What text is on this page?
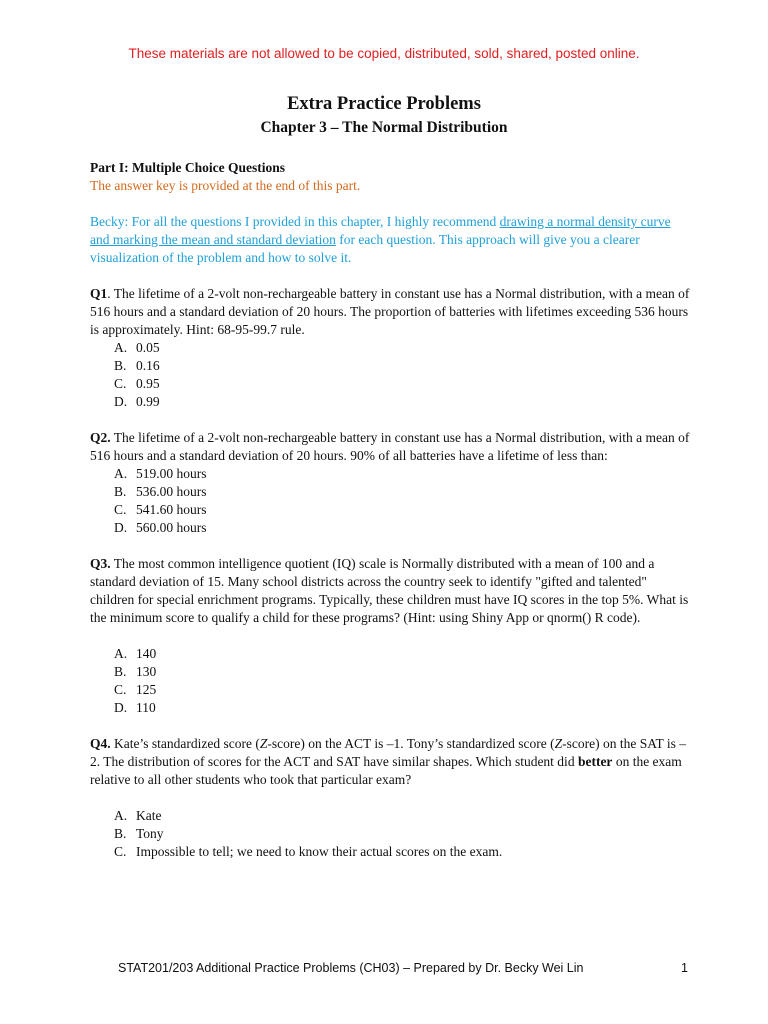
These materials are not allowed to be copied, distributed, sold, shared, posted online.
Extra Practice Problems
Chapter 3 – The Normal Distribution

Part I: Multiple Choice Questions

The answer key is provided at the end of this part.

Becky: For all the questions I provided in this chapter, I highly recommend drawing a normal density curve and marking the mean and standard deviation for each question. This approach will give you a clearer visualization of the problem and how to solve it.

Q1. The lifetime of a 2-volt non-rechargeable battery in constant use has a Normal distribution, with a mean of 516 hours and a standard deviation of 20 hours. The proportion of batteries with lifetimes exceeding 536 hours is approximately. Hint: 68-95-99.7 rule.

A. 0.05
B. 0.16
C. 0.95
D. 0.99

Q2. The lifetime of a 2-volt non-rechargeable battery in constant use has a Normal distribution, with a mean of 516 hours and a standard deviation of 20 hours. 90% of all batteries have a lifetime of less than:

A. 519.00 hours
B. 536.00 hours
C. 541.60 hours
D. 560.00 hours

Q3. The most common intelligence quotient (IQ) scale is Normally distributed with a mean of 100 and a standard deviation of 15. Many school districts across the country seek to identify "gifted and talented" children for special enrichment programs. Typically, these children must have IQ scores in the top 5%. What is the minimum score to qualify a child for these programs? (Hint: using Shiny App or qnorm() R code).

A. 140
B. 130
C. 125
D. 110

Q4. Kate’s standardized score (Z-score) on the ACT is –1. Tony’s standardized score (Z-score) on the SAT is –2. The distribution of scores for the ACT and SAT have similar shapes. Which student did better on the exam relative to all other students who took that particular exam?

A. Kate
B. Tony
C. Impossible to tell; we need to know their actual scores on the exam.
STAT201/203 Additional Practice Problems (CH03) – Prepared by Dr. Becky Wei Lin	1
